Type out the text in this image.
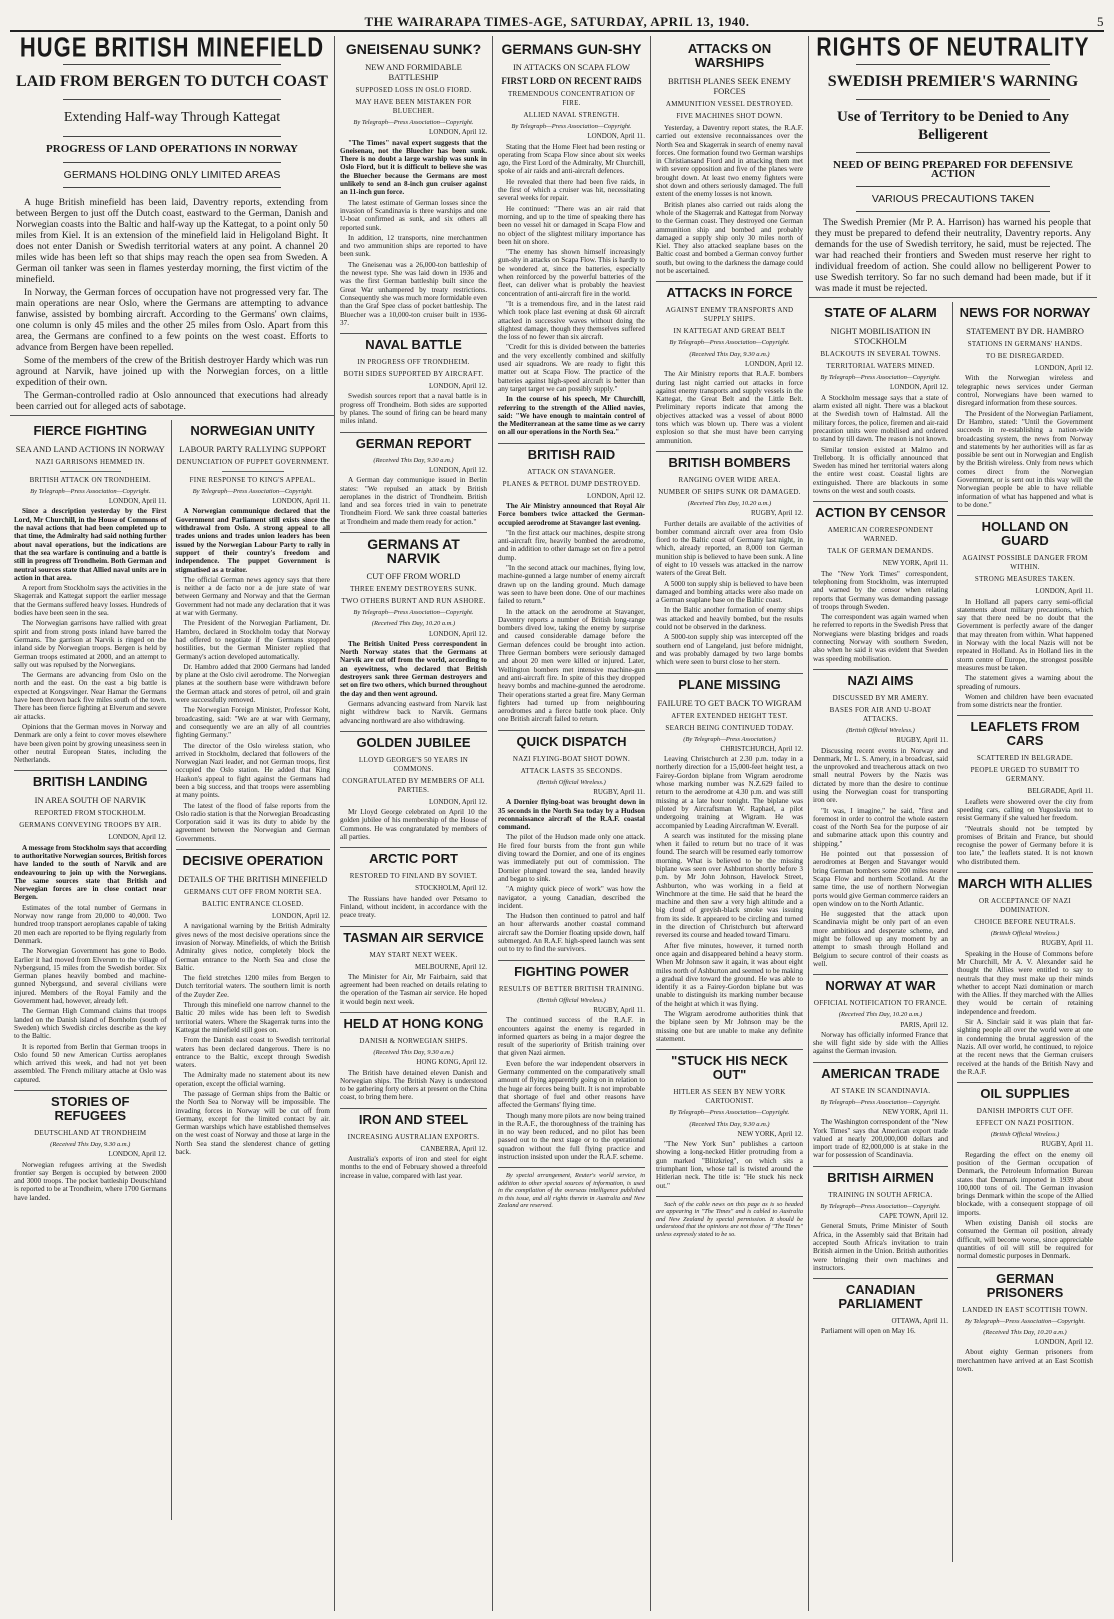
THE WAIRARAPA TIMES-AGE, SATURDAY, APRIL 13, 1940.	5
HUGE BRITISH MINEFIELD
LAID FROM BERGEN TO DUTCH COAST
Extending Half-way Through Kattegat
PROGRESS OF LAND OPERATIONS IN NORWAY
GERMANS HOLDING ONLY LIMITED AREAS

A huge British minefield has been laid, Daventry reports, extending from between Bergen to just off the Dutch coast, eastward to the German, Danish and Norwegian coasts into the Baltic and half-way up the Kattegat, to a point only 50 miles from Kiel. It is an extension of the minefield laid in Heligoland Bight. It does not enter Danish or Swedish territorial waters at any point. A channel 20 miles wide has been left so that ships may reach the open sea from Sweden. A German oil tanker was seen in flames yesterday morning, the first victim of the minefield.

In Norway, the German forces of occupation have not progressed very far. The main operations are near Oslo, where the Germans are attempting to advance fanwise, assisted by bombing aircraft. According to the Germans' own claims, one column is only 45 miles and the other 25 miles from Oslo. Apart from this area, the Germans are confined to a few points on the west coast. Efforts to advance from Bergen have been repelled.

Some of the members of the crew of the British destroyer Hardy which was run aground at Narvik, have joined up with the Norwegian forces, on a little expedition of their own.

The German-controlled radio at Oslo announced that executions had already been carried out for alleged acts of sabotage.

FIERCE FIGHTING
SEA AND LAND ACTIONS IN NORWAY
NAZI GARRISONS HEMMED IN.
BRITISH ATTACK ON TRONDHEIM.
By Telegraph—Press Association—Copyright.
LONDON, April 11.

Since a description yesterday by the First Lord, Mr Churchill, in the House of Commons of the naval actions that had been completed up to that time, the Admiralty had said nothing further about naval operations, but the indications are that the sea warfare is continuing and a battle is still in progress off Trondheim. Both German and neutral sources state that Allied naval units are in action in that area.

A report from Stockholm says the activities in the Skagerrak and Kattegat support the earlier message that the Germans suffered heavy losses. Hundreds of bodies have been seen in the sea.

The Norwegian garrisons have rallied with great spirit and from strong posts inland have barred the Germans. The garrison at Narvik is ringed on the inland side by Norwegian troops. Bergen is held by German troops estimated at 2000, and an attempt to sally out was repulsed by the Norwegians.

The Germans are advancing from Oslo on the north and the east. On the east a big battle is expected at Kongsvinger. Near Hamar the Germans have been thrown back five miles south of the town. There has been fierce fighting at Elverum and severe air attacks.

Opinions that the German moves in Norway and Denmark are only a feint to cover moves elsewhere have been given point by growing uneasiness seen in other neutral European States, including the Netherlands.

BRITISH LANDING
IN AREA SOUTH OF NARVIK
REPORTED FROM STOCKHOLM.
GERMANS CONVEYING TROOPS BY AIR.
LONDON, April 12.

A message from Stockholm says that according to authoritative Norwegian sources, British forces have landed to the south of Narvik and are endeavouring to join up with the Norwegians. The same sources state that British and Norwegian forces are in close contact near Bergen.

Estimates of the total number of Germans in Norway now range from 20,000 to 40,000. Two hundred troop transport aeroplanes capable of taking 20 men each are reported to be flying regularly from Denmark.

The Norwegian Government has gone to Bodo. Earlier it had moved from Elverum to the village of Nybergsund, 15 miles from the Swedish border. Six German planes heavily bombed and machine-gunned Nybergsund, and several civilians were injured. Members of the Royal Family and the Government had, however, already left.

The German High Command claims that troops landed on the Danish island of Bornholm (south of Sweden) which Swedish circles describe as the key to the Baltic.

It is reported from Berlin that German troops in Oslo found 50 new American Curtiss aeroplanes which arrived this week, and had not yet been assembled. The French military attache at Oslo was captured.

STORIES OF REFUGEES
DEUTSCHLAND AT TRONDHEIM
(Received This Day, 9.30 a.m.)
LONDON, April 12.

Norwegian refugees arriving at the Swedish frontier say Bergen is occupied by between 2000 and 3000 troops. The pocket battleship Deutschland is reported to be at Trondheim, where 1700 Germans have landed.

NORWEGIAN UNITY
LABOUR PARTY RALLYING SUPPORT
DENUNCIATION OF PUPPET GOVERNMENT.
FINE RESPONSE TO KING'S APPEAL.
By Telegraph—Press Association—Copyright.
LONDON, April 11.

A Norwegian communique declared that the Government and Parliament still exists since the withdrawal from Oslo. A strong appeal to all trades unions and trades union leaders has been issued by the Norwegian Labour Party to rally in support of their country's freedom and independence. The puppet Government is stigmatised as a traitor.

The official German news agency says that there is neither a de facto nor a de jure state of war between Germany and Norway and that the German Government had not made any declaration that it was at war with Germany.

The President of the Norwegian Parliament, Dr. Hambro, declared in Stockholm today that Norway had offered to negotiate if the Germans stopped hostilities, but the German Minister replied that Germany's action developed automatically.

Dr. Hambro added that 2000 Germans had landed by plane at the Oslo civil aerodrome. The Norwegian planes at the southern base were withdrawn before the German attack and stores of petrol, oil and grain were successfully removed.

The Norwegian Foreign Minister, Professor Koht, broadcasting, said: "We are at war with Germany, and consequently we are an ally of all countries fighting Germany."

The director of the Oslo wireless station, who arrived in Stockholm, declared that followers of the Norwegian Nazi leader, and not German troops, first occupied the Oslo station. He added that King Haakon's appeal to fight against the Germans had been a big success, and that troops were assembling at many points.

The latest of the flood of false reports from the Oslo radio station is that the Norwegian Broadcasting Corporation said it was its duty to abide by the agreement between the Norwegian and German Governments.

DECISIVE OPERATION
DETAILS OF THE BRITISH MINEFIELD
GERMANS CUT OFF FROM NORTH SEA.
BALTIC ENTRANCE CLOSED.
LONDON, April 12.

A navigational warning by the British Admiralty gives news of the most decisive operations since the invasion of Norway. Minefields, of which the British Admiralty gives notice, completely block the German entrance to the North Sea and close the Baltic.

The field stretches 1200 miles from Bergen to Dutch territorial waters. The southern limit is north of the Zuyder Zee.

Through this minefield one narrow channel to the Baltic 20 miles wide has been left to Swedish territorial waters. Where the Skagerrak turns into the Kattegat the minefield still goes on.

From the Danish east coast to Swedish territorial waters has been declared dangerous. There is no entrance to the Baltic, except through Swedish waters.

The Admiralty made no statement about its new operation, except the official warning.

The passage of German ships from the Baltic or the North Sea to Norway will be impossible. The invading forces in Norway will be cut off from Germany, except for the limited contact by air. German warships which have established themselves on the west coast of Norway and those at large in the North Sea stand the slenderest chance of getting back.

GNEISENAU SUNK?
NEW AND FORMIDABLE BATTLESHIP
SUPPOSED LOSS IN OSLO FIORD.
MAY HAVE BEEN MISTAKEN FOR BLUECHER.
By Telegraph—Press Association—Copyright.
LONDON, April 12.

"The Times" naval expert suggests that the Gneisenau, not the Bluecher has been sunk. There is no doubt a large warship was sunk in Oslo Fiord, but it is difficult to believe she was the Bluecher because the Germans are most unlikely to send an 8-inch gun cruiser against an 11-inch gun force.

The latest estimate of German losses since the invasion of Scandinavia is three warships and one U-boat confirmed as sunk, and six others all reported sunk.

In addition, 12 transports, nine merchantmen and two ammunition ships are reported to have been sunk.

The Gneisenau was a 26,000-ton battleship of the newest type. She was laid down in 1936 and was the first German battleship built since the Great War unhampered by treaty restrictions. Consequently she was much more formidable even than the Graf Spee class of pocket battleship. The Bluecher was a 10,000-ton cruiser built in 1936-37.

NAVAL BATTLE
IN PROGRESS OFF TRONDHEIM.
BOTH SIDES SUPPORTED BY AIRCRAFT.
LONDON, April 12.

Swedish sources report that a naval battle is in progress off Trondheim. Both sides are supported by planes. The sound of firing can be heard many miles inland.

GERMAN REPORT
(Received This Day, 9.30 a.m.)
LONDON, April 12.

A German day communique issued in Berlin states: "We repulsed an attack by British aeroplanes in the district of Trondheim. British land and sea forces tried in vain to penetrate Trondheim Fiord. We sank three coastal batteries at Trondheim and made them ready for action."

GERMANS AT NARVIK
CUT OFF FROM WORLD
THREE ENEMY DESTROYERS SUNK.
TWO OTHERS BURNT AND RUN ASHORE.
By Telegraph—Press Association—Copyright.
(Received This Day, 10.20 a.m.)
LONDON, April 12.

The British United Press correspondent in North Norway states that the Germans at Narvik are cut off from the world, according to an eyewitness, who declared that British destroyers sank three German destroyers and set on fire two others, which burned throughout the day and then went aground.

Germans advancing eastward from Narvik last night withdrew back to Narvik. Germans advancing northward are also withdrawing.

GOLDEN JUBILEE
LLOYD GEORGE'S 50 YEARS IN COMMONS.
CONGRATULATED BY MEMBERS OF ALL PARTIES.
LONDON, April 12.

Mr Lloyd George celebrated on April 10 the golden jubilee of his membership of the House of Commons. He was congratulated by members of all parties.

ARCTIC PORT
RESTORED TO FINLAND BY SOVIET.
STOCKHOLM, April 12.

The Russians have handed over Petsamo to Finland, without incident, in accordance with the peace treaty.

TASMAN AIR SERVICE
MAY START NEXT WEEK.
MELBOURNE, April 12.

The Minister for Air, Mr Fairbairn, said that agreement had been reached on details relating to the operation of the Tasman air service. He hoped it would begin next week.

HELD AT HONG KONG
DANISH & NORWEGIAN SHIPS.
(Received This Day, 9.30 a.m.)
HONG KONG, April 12.

The British have detained eleven Danish and Norwegian ships. The British Navy is understood to be gathering forty others at present on the China coast, to bring them here.

IRON AND STEEL
INCREASING AUSTRALIAN EXPORTS.
CANBERRA, April 12.

Australia's exports of iron and steel for eight months to the end of February showed a threefold increase in value, compared with last year.

GERMANS GUN-SHY
IN ATTACKS ON SCAPA FLOW
FIRST LORD ON RECENT RAIDS
TREMENDOUS CONCENTRATION OF FIRE.
ALLIED NAVAL STRENGTH.
By Telegraph—Press Association—Copyright.
LONDON, April 11.

Stating that the Home Fleet had been resting or operating from Scapa Flow since about six weeks ago, the First Lord of the Admiralty, Mr Churchill, spoke of air raids and anti-aircraft defences.

He revealed that there had been five raids, in the first of which a cruiser was hit, necessitating several weeks for repair.

He continued: "There was an air raid that morning, and up to the time of speaking there has been no vessel hit or damaged in Scapa Flow and no object of the slightest military importance has been hit on shore.

"The enemy has shown himself increasingly gun-shy in attacks on Scapa Flow. This is hardly to be wondered at, since the batteries, especially when reinforced by the powerful batteries of the fleet, can deliver what is probably the heaviest concentration of anti-aircraft fire in the world.

"It is a tremendous fire, and in the latest raid which took place last evening at dusk 60 aircraft attacked in successive waves without doing the slightest damage, though they themselves suffered the loss of no fewer than six aircraft.

"Credit for this is divided between the batteries and the very excellently combined and skilfully used air squadrons. We are ready to fight this matter out at Scapa Flow. The practice of the batteries against high-speed aircraft is better than any target target we can possibly supply."

In the course of his speech, Mr Churchill, referring to the strength of the Allied navies, said: "We have enough to maintain control of the Mediterranean at the same time as we carry on all our operations in the North Sea."

BRITISH RAID
ATTACK ON STAVANGER.
PLANES & PETROL DUMP DESTROYED.
LONDON, April 12.

The Air Ministry announced that Royal Air Force bombers twice attacked the German-occupied aerodrome at Stavanger last evening.

"In the first attack our machines, despite strong anti-aircraft fire, heavily bombed the aerodrome, and in addition to other damage set on fire a petrol dump.

"In the second attack our machines, flying low, machine-gunned a large number of enemy aircraft drawn up on the landing ground. Much damage was seen to have been done. One of our machines failed to return."

In the attack on the aerodrome at Stavanger, Daventry reports a number of British long-range bombers dived low, taking the enemy by surprise and caused considerable damage before the German defences could be brought into action. Three German bombers were seriously damaged and about 20 men were killed or injured. Later, Wellington bombers met intensive machine-gun and anti-aircraft fire. In spite of this they dropped heavy bombs and machine-gunned the aerodrome. Their operations started a great fire. Many German fighters had turned up from neighbouring aerodromes and a fierce battle took place. Only one British aircraft failed to return.

QUICK DISPATCH
NAZI FLYING-BOAT SHOT DOWN.
ATTACK LASTS 35 SECONDS.
(British Official Wireless.)
RUGBY, April 11.

A Dornier flying-boat was brought down in 35 seconds in the North Sea today by a Hudson reconnaissance aircraft of the R.A.F. coastal command.

The pilot of the Hudson made only one attack. He fired four bursts from the front gun while diving toward the Dornier, and one of its engines was immediately put out of commission. The Dornier plunged toward the sea, landed heavily and began to sink.

"A mighty quick piece of work" was how the navigator, a young Canadian, described the incident.

The Hudson then continued to patrol and half an hour afterwards another coastal command aircraft saw the Dornier floating upside down, half submerged. An R.A.F. high-speed launch was sent out to try to find the survivors.

FIGHTING POWER
RESULTS OF BETTER BRITISH TRAINING.
(British Official Wireless.)
RUGBY, April 11.

The continued success of the R.A.F. in encounters against the enemy is regarded in informed quarters as being in a major degree the result of the superiority of British training over that given Nazi airmen.

Even before the war independent observers in Germany commented on the comparatively small amount of flying apparently going on in relation to the huge air forces being built. It is not improbable that shortage of fuel and other reasons have affected the Germans' flying time.

Though many more pilots are now being trained in the R.A.F., the thoroughness of the training has in no way been reduced, and no pilot has been passed out to the next stage or to the operational squadron without the full flying practice and instruction insisted upon under the R.A.F. scheme.

By special arrangement, Reuter's world service, in addition to other special sources of information, is used in the compilation of the overseas intelligence published in this issue, and all rights therein in Australia and New Zealand are reserved.

ATTACKS ON WARSHIPS
BRITISH PLANES SEEK ENEMY FORCES
AMMUNITION VESSEL DESTROYED.
FIVE MACHINES SHOT DOWN.

Yesterday, a Daventry report states, the R.A.F. carried out extensive reconnaissances over the North Sea and Skagerrak in search of enemy naval forces. One formation found two German warships in Christiansand Fiord and in attacking them met with severe opposition and five of the planes were brought down. At least two enemy fighters were shot down and others seriously damaged. The full extent of the enemy losses is not known.

British planes also carried out raids along the whole of the Skagerrak and Kattegat from Norway to the German coast. They destroyed one German ammunition ship and bombed and probably damaged a supply ship only 30 miles north of Kiel. They also attacked seaplane bases on the Baltic coast and bombed a German convoy further south, but owing to the darkness the damage could not be ascertained.

ATTACKS IN FORCE
AGAINST ENEMY TRANSPORTS AND SUPPLY SHIPS.
IN KATTEGAT AND GREAT BELT
By Telegraph—Press Association—Copyright.
(Received This Day, 9.30 a.m.)
LONDON, April 12.

The Air Ministry reports that R.A.F. bombers during last night carried out attacks in force against enemy transports and supply vessels in the Kattegat, the Great Belt and the Little Belt. Preliminary reports indicate that among the objectives attacked was a vessel of about 8000 tons which was blown up. There was a violent explosion so that she must have been carrying ammunition.

BRITISH BOMBERS
RANGING OVER WIDE AREA.
NUMBER OF SHIPS SUNK OR DAMAGED.
(Received This Day, 10.20 a.m.)
RUGBY, April 12.

Further details are available of the activities of bomber command aircraft over area from Oslo fiord to the Baltic coast of Germany last night, in which, already reported, an 8,000 ton German munition ship is believed to have been sunk. A line of eight to 10 vessels was attacked in the narrow waters of the Great Belt.

A 5000 ton supply ship is believed to have been damaged and bombing attacks were also made on a German seaplane base on the Baltic coast.

In the Baltic another formation of enemy ships was attacked and heavily bombed, but the results could not be observed in the darkness.

A 5000-ton supply ship was intercepted off the southern end of Langeland, just before midnight, and was probably damaged by two large bombs which were seen to burst close to her stern.

PLANE MISSING
FAILURE TO GET BACK TO WIGRAM
AFTER EXTENDED HEIGHT TEST.
SEARCH BEING CONTINUED TODAY.
(By Telegraph—Press Association.)
CHRISTCHURCH, April 12.

Leaving Christchurch at 2.30 p.m. today in a northerly direction for a 15,000-feet height test, a Fairey-Gordon biplane from Wigram aerodrome whose marking number was N.Z.629 failed to return to the aerodrome at 4.30 p.m. and was still missing at a late hour tonight. The biplane was piloted by Aircraftsman W. Raphael, a pilot undergoing training at Wigram. He was accompanied by Leading Aircraftman W. Everall.

A search was instituted for the missing plane when it failed to return but no trace of it was found. The search will be resumed early tomorrow morning. What is believed to be the missing biplane was seen over Ashburton shortly before 3 p.m. by Mr John Johnson, Havelock Street, Ashburton, who was working in a field at Winchmore at the time. He said that he heard the machine and then saw a very high altitude and a big cloud of greyish-black smoke was issuing from its side. It appeared to be circling and turned in the direction of Christchurch but afterward reversed its course and headed toward Timaru.

After five minutes, however, it turned north once again and disappeared behind a heavy storm. When Mr Johnson saw it again, it was about eight miles north of Ashburton and seemed to be making a gradual dive toward the ground. He was able to identify it as a Fairey-Gordon biplane but was unable to distinguish its marking number because of the height at which it was flying.

The Wigram aerodrome authorities think that the biplane seen by Mr Johnson may be the missing one but are unable to make any definite statement.

"STUCK HIS NECK OUT"
HITLER AS SEEN BY NEW YORK CARTOONIST.
By Telegraph—Press Association—Copyright.
(Received This Day, 9.30 a.m.)
NEW YORK, April 12.

"The New York Sun" publishes a cartoon showing a long-necked Hitler protruding from a gun marked "Blitzkrieg", on which sits a triumphant lion, whose tail is twisted around the Hitlerian neck. The title is: "He stuck his neck out."

Such of the cable news on this page as is so headed are appearing in "The Times" and is cabled to Australia and New Zealand by special permission. It should be understood that the opinions are not those of "The Times" unless expressly stated to be so.

RIGHTS OF NEUTRALITY
SWEDISH PREMIER'S WARNING
Use of Territory to be Denied to Any Belligerent
NEED OF BEING PREPARED FOR DEFENSIVE ACTION
VARIOUS PRECAUTIONS TAKEN

The Swedish Premier (Mr P. A. Harrison) has warned his people that they must be prepared to defend their neutrality, Daventry reports. Any demands for the use of Swedish territory, he said, must be rejected. The war had reached their frontiers and Sweden must reserve her right to individual freedom of action. She could allow no belligerent Power to use Swedish territory. So far no such demand had been made, but if it was made it must be rejected.

STATE OF ALARM
NIGHT MOBILISATION IN STOCKHOLM
BLACKOUTS IN SEVERAL TOWNS.
TERRITORIAL WATERS MINED.
By Telegraph—Press Association—Copyright.
LONDON, April 12.

A Stockholm message says that a state of alarm existed all night. There was a blackout at the Swedish town of Halmstad. All the military forces, the police, firemen and air-raid precaution units were mobilised and ordered to stand by till dawn. The reason is not known.

Similar tension existed at Malmo and Trelleborg. It is officially announced that Sweden has mined her territorial waters along the entire west coast. Coastal lights are extinguished. There are blackouts in some towns on the west and south coasts.

ACTION BY CENSOR
AMERICAN CORRESPONDENT WARNED.
TALK OF GERMAN DEMANDS.
NEW YORK, April 11.

The "New York Times" correspondent, telephoning from Stockholm, was interrupted and warned by the censor when relating reports that Germany was demanding passage of troops through Sweden.

The correspondent was again warned when he referred to reports in the Swedish Press that Norwegians were blasting bridges and roads connecting Norway with southern Sweden, also when he said it was evident that Sweden was speeding mobilisation.

NAZI AIMS
DISCUSSED BY MR AMERY.
BASES FOR AIR AND U-BOAT ATTACKS.
(British Official Wireless.)
RUGBY, April 11.

Discussing recent events in Norway and Denmark, Mr L. S. Amery, in a broadcast, said the unprovoked and treacherous attack on two small neutral Powers by the Nazis was dictated by more than the desire to continue using the Norwegian coast for transporting iron ore.

"It was, I imagine," he said, "first and foremost in order to control the whole eastern coast of the North Sea for the purpose of air and submarine attack upon this country and shipping."

He pointed out that possession of aerodromes at Bergen and Stavanger would bring German bombers some 200 miles nearer Scapa Flow and northern Scotland. At the same time, the use of northern Norwegian ports would give German commerce raiders an open window on to the North Atlantic.

He suggested that the attack upon Scandinavia might be only part of an even more ambitious and desperate scheme, and might be followed up any moment by an attempt to smash through Holland and Belgium to secure control of their coasts as well.

NORWAY AT WAR
OFFICIAL NOTIFICATION TO FRANCE.
(Received This Day, 10.20 a.m.)
PARIS, April 12.

Norway has officially informed France that she will fight side by side with the Allies against the German invasion.

AMERICAN TRADE
AT STAKE IN SCANDINAVIA.
By Telegraph—Press Association—Copyright.
NEW YORK, April 11.

The Washington correspondent of the "New York Times" says that American export trade valued at nearly 200,000,000 dollars and import trade of 82,000,000 is at stake in the war for possession of Scandinavia.

BRITISH AIRMEN
TRAINING IN SOUTH AFRICA.
By Telegraph—Press Association—Copyright.
CAPE TOWN, April 12.

General Smuts, Prime Minister of South Africa, in the Assembly said that Britain had accepted South Africa's invitation to train British airmen in the Union. British authorities were bringing their own machines and instructors.

CANADIAN PARLIAMENT
OTTAWA, April 11.

Parliament will open on May 16.

NEWS FOR NORWAY
STATEMENT BY DR. HAMBRO
STATIONS IN GERMANS' HANDS.
TO BE DISREGARDED.
LONDON, April 12.

With the Norwegian wireless and telegraphic news services under German control, Norwegians have been warned to disregard information from these sources.

The President of the Norwegian Parliament, Dr Hambro, stated: "Until the Government succeeds in re-establishing a nation-wide broadcasting system, the news from Norway and statements by her authorities will as far as possible be sent out in Norwegian and English by the British wireless. Only from news which comes direct from the Norwegian Government, or is sent out in this way will the Norwegian people be able to have reliable information of what has happened and what is to be done."

HOLLAND ON GUARD
AGAINST POSSIBLE DANGER FROM WITHIN.
STRONG MEASURES TAKEN.
LONDON, April 11.

In Holland all papers carry semi-official statements about military precautions, which say that there need be no doubt that the Government is perfectly aware of the danger that may threaten from within. What happened in Norway with the local Nazis will not be repeated in Holland. As in Holland lies in the storm centre of Europe, the strongest possible measures must be taken.

The statement gives a warning about the spreading of rumours.

Women and children have been evacuated from some districts near the frontier.

LEAFLETS FROM CARS
SCATTERED IN BELGRADE.
PEOPLE URGED TO SUBMIT TO GERMANY.
BELGRADE, April 11.

Leaflets were showered over the city from speeding cars, calling on Yugoslavia not to resist Germany if she valued her freedom.

"Neutrals should not be tempted by promises of Britain and France, but should recognise the power of Germany before it is too late," the leaflets stated. It is not known who distributed them.

MARCH WITH ALLIES
OR ACCEPTANCE OF NAZI DOMINATION.
CHOICE BEFORE NEUTRALS.
(British Official Wireless.)
RUGBY, April 11.

Speaking in the House of Commons before Mr Churchill, Mr A. V. Alexander said he thought the Allies were entitled to say to neutrals that they must make up their minds whether to accept Nazi domination or march with the Allies. If they marched with the Allies they would be certain of retaining independence and freedom.

Sir A. Sinclair said it was plain that far-sighting people all over the world were at one in condemning the brutal aggression of the Nazis. All over world, he continued, to rejoice at the recent news that the German cruisers received at the hands of the British Navy and the R.A.F.

OIL SUPPLIES
DANISH IMPORTS CUT OFF.
EFFECT ON NAZI POSITION.
(British Official Wireless.)
RUGBY, April 11.

Regarding the effect on the enemy oil position of the German occupation of Denmark, the Petroleum Information Bureau states that Denmark imported in 1939 about 100,000 tons of oil. The German invasion brings Denmark within the scope of the Allied blockade, with a consequent stoppage of oil imports.

When existing Danish oil stocks are consumed the German oil position, already difficult, will become worse, since appreciable quantities of oil will still be required for normal domestic purposes in Denmark.

GERMAN PRISONERS
LANDED IN EAST SCOTTISH TOWN.
By Telegraph—Press Association—Copyright.
(Received This Day, 10.20 a.m.)
LONDON, April 12.

About eighty German prisoners from merchantmen have arrived at an East Scottish town.
